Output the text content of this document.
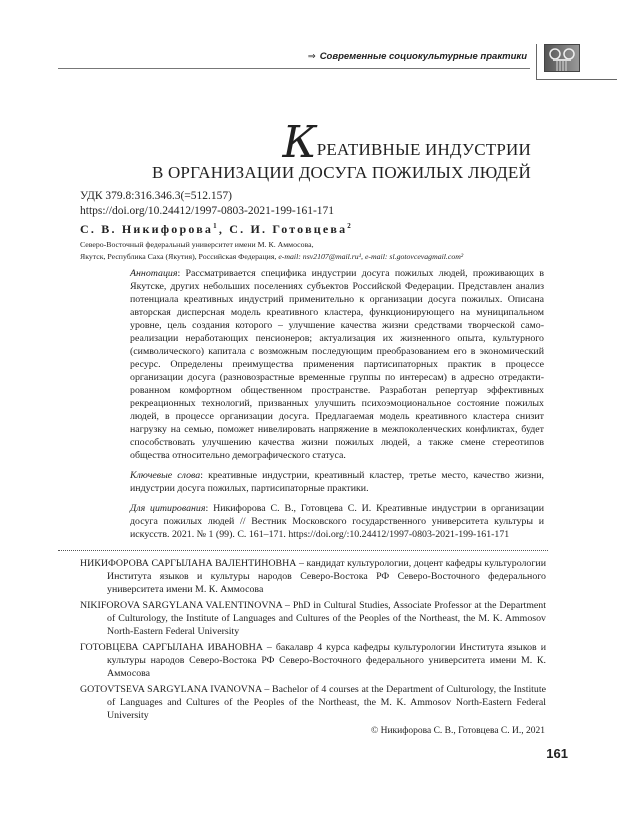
⇒ Современные социокультурные практики
КРЕАТИВНЫЕ ИНДУСТРИИ
В ОРГАНИЗАЦИИ ДОСУГА ПОЖИЛЫХ ЛЮДЕЙ
УДК 379.8:316.346.3(=512.157)
https://doi.org/10.24412/1997-0803-2021-199-161-171
С. В. Никифорова$^1$, С. И. Готовцева$^2$
Северо-Восточный федеральный университет имени М. К. Аммосова,
Якутск, Республика Саха (Якутия), Российская Федерация, e-mail: nsv2107@mail.ru¹, e-mail: sl.gotovcevagmail.com²
Аннотация: Рассматривается специфика индустрии досуга пожилых людей, проживающих в Якутске, других небольших поселениях субъектов Российской Федерации. Представлен анализ потенциала креативных индустрий применительно к организации досуга пожилых. Описана авторская дисперсная модель креативного кластера, функционирующего на муниципальном уровне, цель создания которого – улучшение качества жизни средствами творческой самореализации неработающих пенсионеров; актуализация их жизненного опыта, культурного (символического) капитала с возможным последующим преобразованием его в экономический ресурс. Определены преимущества применения партисипаторных практик в процессе организации досуга (разновозрастные временные группы по интересам) в адресно отредактированном комфортном общественном пространстве. Разработан репертуар эффективных рекреационных технологий, призванных улучшить психоэмоциональное состояние пожилых людей, в процессе организации досуга. Предлагаемая модель креативного кластера снизит нагрузку на семью, поможет нивелировать напряжение в межпоколенческих конфликтах, будет способствовать улучшению качества жизни пожилых людей, а также смене стереотипов общества относительно демографического статуса.
Ключевые слова: креативные индустрии, креативный кластер, третье место, качество жизни, индустрии досуга пожилых, партисипаторные практики.
Для цитирования: Никифорова С. В., Готовцева С. И. Креативные индустрии в организации досуга пожилых людей // Вестник Московского государственного университета культуры и искусств. 2021. № 1 (99). С. 161–171. https://doi.org/:10.24412/1997-0803-2021-199-161-171
НИКИФОРОВА САРГЫЛАНА ВАЛЕНТИНОВНА – кандидат культурологии, доцент кафедры культурологии Института языков и культуры народов Северо-Востока РФ Северо-Восточного федерального университета имени М. К. Аммосова
NIKIFOROVA SARGYLANA VALENTINOVNA – PhD in Cultural Studies, Associate Professor at the Department of Culturology, the Institute of Languages and Cultures of the Peoples of the Northeast, the M. K. Ammosov North-Eastern Federal University
ГОТОВЦЕВА САРГЫЛАНА ИВАНОВНА – бакалавр 4 курса кафедры культурологии Института языков и культуры народов Северо-Востока РФ Северо-Восточного федерального университета имени М. К. Аммосова
GOTOVTSEVA SARGYLANA IVANOVNA – Bachelor of 4 courses at the Department of Culturology, the Institute of Languages and Cultures of the Peoples of the Northeast, the M. K. Ammosov North-Eastern Federal University
© Никифорова С. В., Готовцева С. И., 2021
161
